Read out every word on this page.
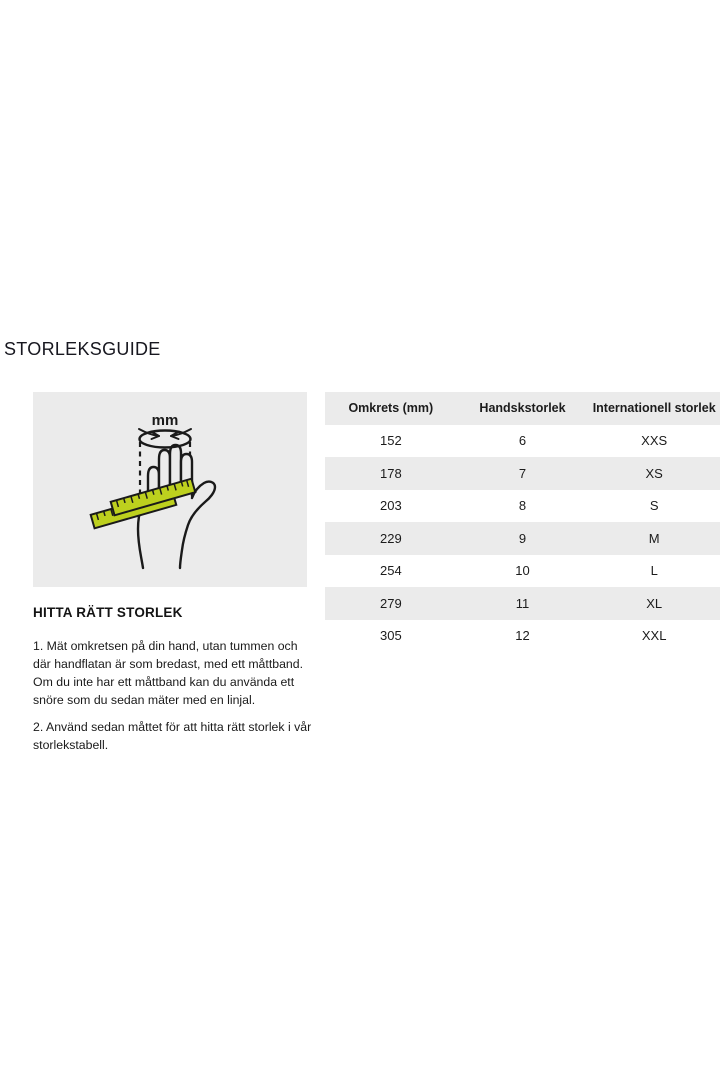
STORLEKSGUIDE
mm
Omkrets (mm)	Handskstorlek	Internationell storlek
152	6	XXS
178	7	XS
203	8	S
229	9	M
254	10	L
279	11	XL
305	12	XXL
HITTA RÄTT STORLEK

1. Mät omkretsen på din hand, utan tummen och där handflatan är som bredast, med ett måttband. Om du inte har ett måttband kan du använda ett snöre som du sedan mäter med en linjal.

2. Använd sedan måttet för att hitta rätt storlek i vår storlekstabell.
